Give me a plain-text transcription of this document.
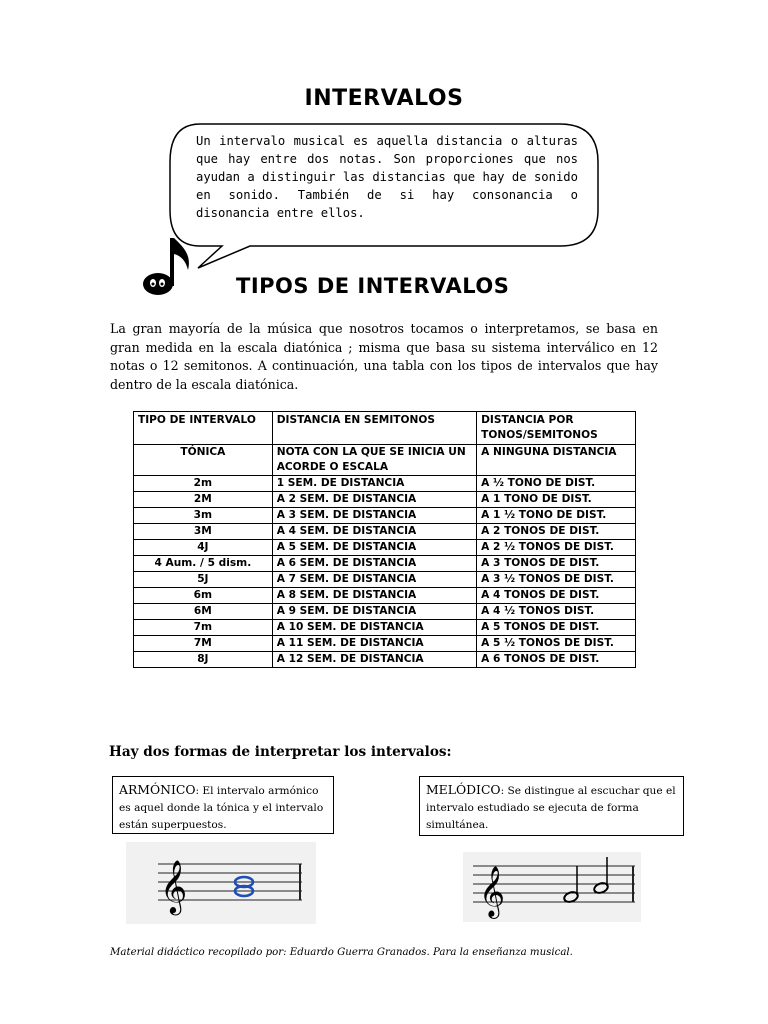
INTERVALOS
Un intervalo musical es aquella distancia o alturas que hay entre dos notas. Son proporciones que nos ayudan a distinguir las distancias que hay de sonido en sonido. También de si hay consonancia o disonancia entre ellos.
TIPOS DE INTERVALOS
La gran mayoría de la música que nosotros tocamos o interpretamos, se basa en gran medida en la escala diatónica ; misma que basa su sistema interválico en 12 notas o 12 semitonos. A continuación, una tabla con los tipos de intervalos que hay dentro de la escala diatónica.
TIPO DE INTERVALO	DISTANCIA EN SEMITONOS	DISTANCIA POR TONOS/SEMITONOS
TÓNICA	NOTA CON LA QUE SE INICIA UN ACORDE O ESCALA	A NINGUNA DISTANCIA
2m	1 SEM. DE DISTANCIA	A ½ TONO DE DIST.
2M	A 2 SEM. DE DISTANCIA	A 1 TONO DE DIST.
3m	A 3 SEM. DE DISTANCIA	A 1 ½ TONO DE DIST.
3M	A 4 SEM. DE DISTANCIA	A 2 TONOS DE DIST.
4J	A 5 SEM. DE DISTANCIA	A 2 ½ TONOS DE DIST.
4 Aum. / 5 dism.	A 6 SEM. DE DISTANCIA	A 3 TONOS DE DIST.
5J	A 7 SEM. DE DISTANCIA	A 3 ½ TONOS DE DIST.
6m	A 8 SEM. DE DISTANCIA	A 4 TONOS DE DIST.
6M	A 9 SEM. DE DISTANCIA	A 4 ½ TONOS DIST.
7m	A 10 SEM. DE DISTANCIA	A 5 TONOS DE DIST.
7M	A 11 SEM. DE DISTANCIA	A 5 ½ TONOS DE DIST.
8J	A 12 SEM. DE DISTANCIA	A 6 TONOS DE DIST.
Hay dos formas de interpretar los intervalos:
ARMÓNICO: El intervalo armónico es aquel donde la tónica y el intervalo están superpuestos.
MELÓDICO: Se distingue al escuchar que el intervalo estudiado se ejecuta de forma simultánea.
𝄞	𝄞
Material didáctico recopilado por: Eduardo Guerra Granados. Para la enseñanza musical.
